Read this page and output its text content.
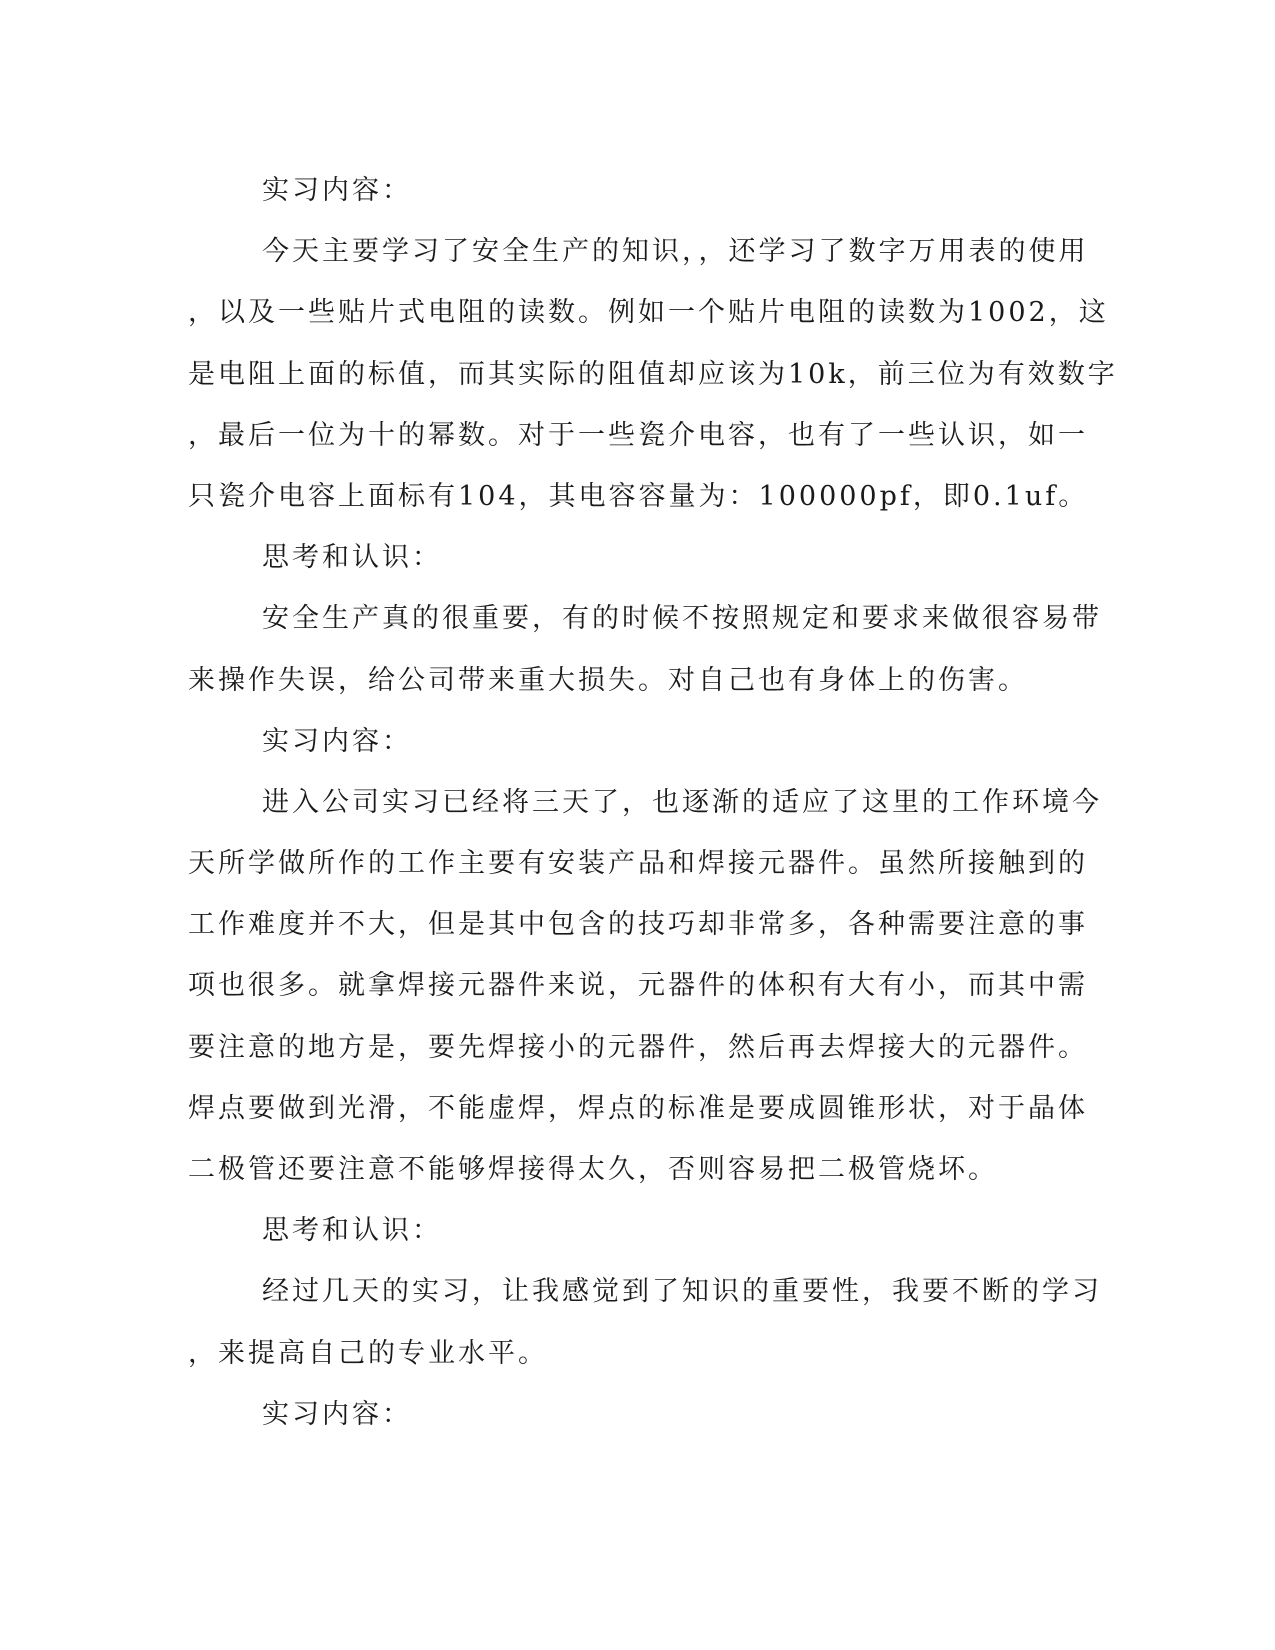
实习内容：
今天主要学习了安全生产的知识，，还学习了数字万用表的使用
，以及一些贴片式电阻的读数。例如一个贴片电阻的读数为1002，这
是电阻上面的标值，而其实际的阻值却应该为10k，前三位为有效数字
，最后一位为十的幂数。对于一些瓷介电容，也有了一些认识，如一
只瓷介电容上面标有104，其电容容量为：100000pf，即0.1uf。
思考和认识：
安全生产真的很重要，有的时候不按照规定和要求来做很容易带
来操作失误，给公司带来重大损失。对自己也有身体上的伤害。
实习内容：
进入公司实习已经将三天了，也逐渐的适应了这里的工作环境今
天所学做所作的工作主要有安装产品和焊接元器件。虽然所接触到的
工作难度并不大，但是其中包含的技巧却非常多，各种需要注意的事
项也很多。就拿焊接元器件来说，元器件的体积有大有小，而其中需
要注意的地方是，要先焊接小的元器件，然后再去焊接大的元器件。
焊点要做到光滑，不能虚焊，焊点的标准是要成圆锥形状，对于晶体
二极管还要注意不能够焊接得太久，否则容易把二极管烧坏。
思考和认识：
经过几天的实习，让我感觉到了知识的重要性，我要不断的学习
，来提高自己的专业水平。
实习内容：
